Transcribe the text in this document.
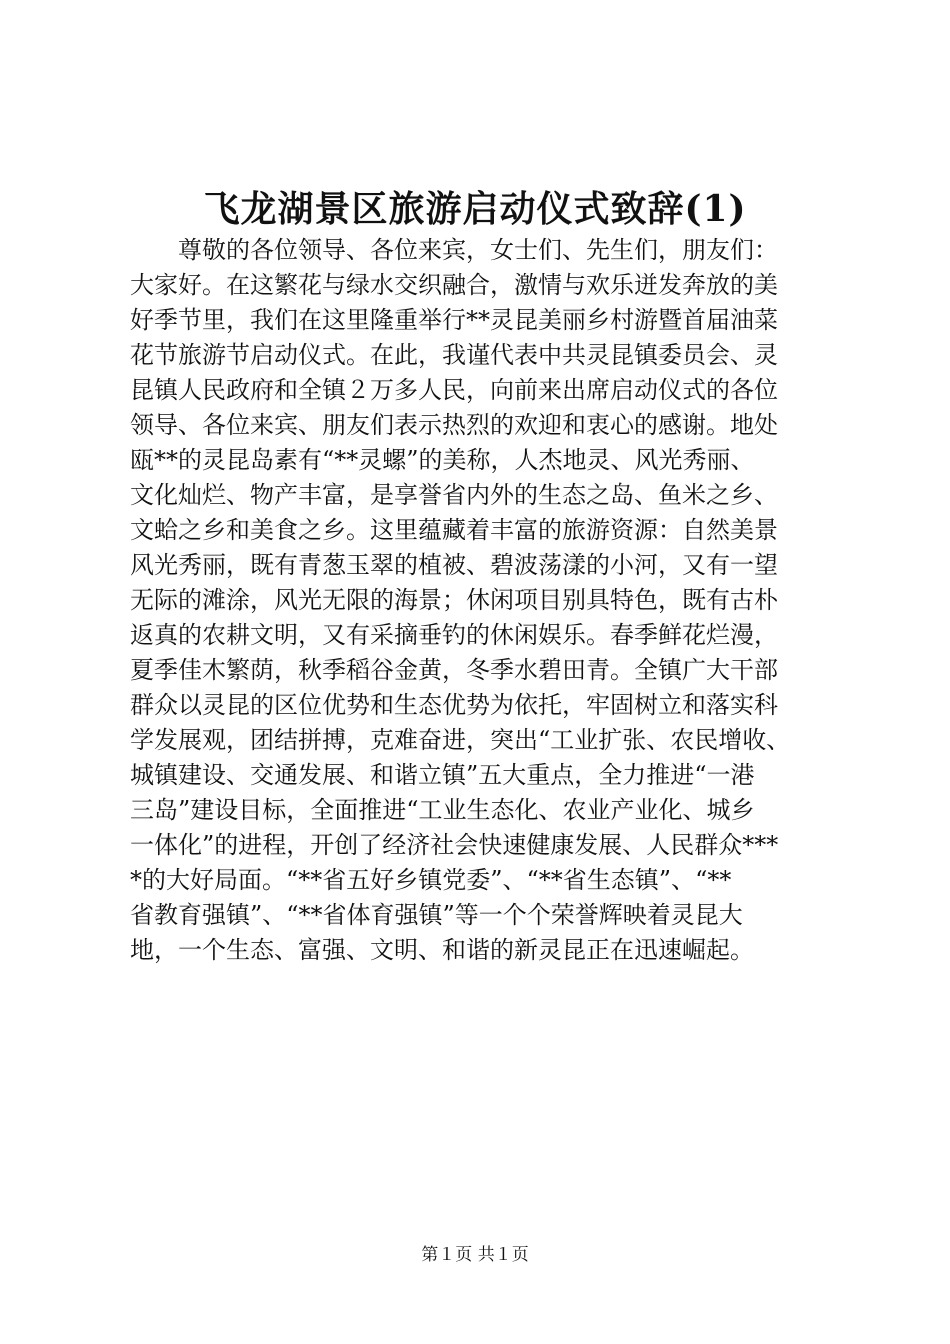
飞龙湖景区旅游启动仪式致辞(1)
　　尊敬的各位领导、各位来宾，女士们、先生们，朋友们：
大家好。在这繁花与绿水交织融合，激情与欢乐迸发奔放的美
好季节里，我们在这里隆重举行**灵昆美丽乡村游暨首届油菜
花节旅游节启动仪式。在此，我谨代表中共灵昆镇委员会、灵
昆镇人民政府和全镇２万多人民，向前来出席启动仪式的各位
领导、各位来宾、朋友们表示热烈的欢迎和衷心的感谢。地处
瓯**的灵昆岛素有“**灵螺”的美称，人杰地灵、风光秀丽、
文化灿烂、物产丰富，是享誉省内外的生态之岛、鱼米之乡、
文蛤之乡和美食之乡。这里蕴藏着丰富的旅游资源：自然美景
风光秀丽，既有青葱玉翠的植被、碧波荡漾的小河，又有一望
无际的滩涂，风光无限的海景；休闲项目别具特色，既有古朴
返真的农耕文明，又有采摘垂钓的休闲娱乐。春季鲜花烂漫，
夏季佳木繁荫，秋季稻谷金黄，冬季水碧田青。全镇广大干部
群众以灵昆的区位优势和生态优势为依托，牢固树立和落实科
学发展观，团结拼搏，克难奋进，突出“工业扩张、农民增收、
城镇建设、交通发展、和谐立镇”五大重点，全力推进“一港
三岛”建设目标，全面推进“工业生态化、农业产业化、城乡
一体化”的进程，开创了经济社会快速健康发展、人民群众***
*的大好局面。“**省五好乡镇党委”、“**省生态镇”、“**
省教育强镇”、“**省体育强镇”等一个个荣誉辉映着灵昆大
地，一个生态、富强、文明、和谐的新灵昆正在迅速崛起。
第１页 共１页
